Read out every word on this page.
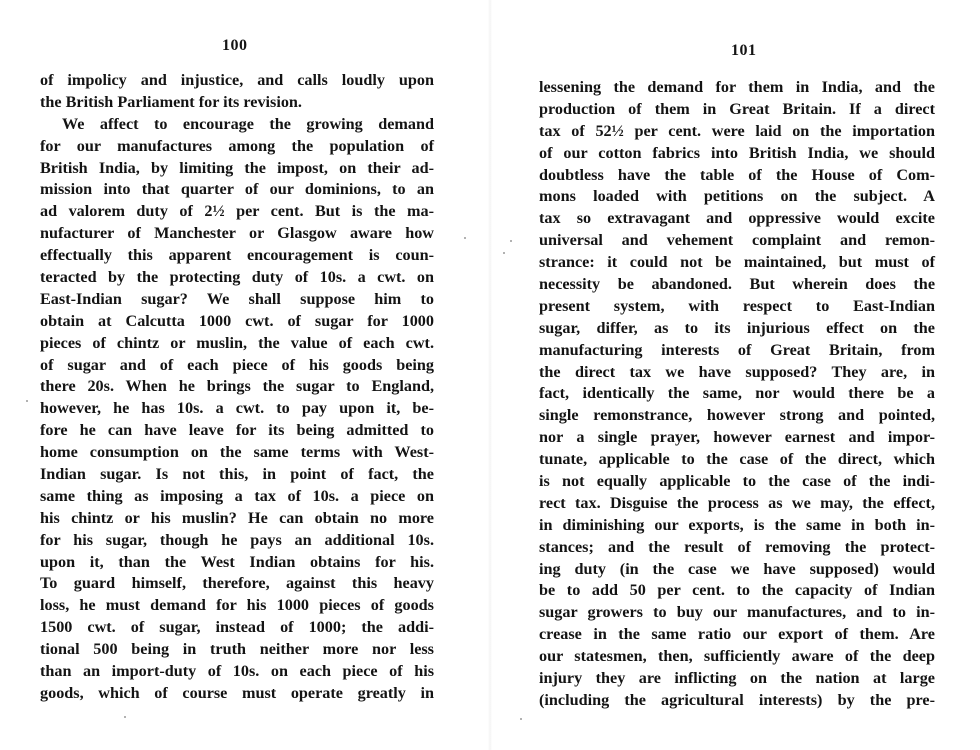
100
of impolicy and injustice, and calls loudly upon
the British Parliament for its revision.
We affect to encourage the growing demand
for our manufactures among the population of
British India, by limiting the impost, on their ad-
mission into that quarter of our dominions, to an
ad valorem duty of 2½ per cent. But is the ma-
nufacturer of Manchester or Glasgow aware how
effectually this apparent encouragement is coun-
teracted by the protecting duty of 10s. a cwt. on
East-Indian sugar? We shall suppose him to
obtain at Calcutta 1000 cwt. of sugar for 1000
pieces of chintz or muslin, the value of each cwt.
of sugar and of each piece of his goods being
there 20s. When he brings the sugar to England,
however, he has 10s. a cwt. to pay upon it, be-
fore he can have leave for its being admitted to
home consumption on the same terms with West-
Indian sugar. Is not this, in point of fact, the
same thing as imposing a tax of 10s. a piece on
his chintz or his muslin? He can obtain no more
for his sugar, though he pays an additional 10s.
upon it, than the West Indian obtains for his.
To guard himself, therefore, against this heavy
loss, he must demand for his 1000 pieces of goods
1500 cwt. of sugar, instead of 1000; the addi-
tional 500 being in truth neither more nor less
than an import-duty of 10s. on each piece of his
goods, which of course must operate greatly in
101
lessening the demand for them in India, and the
production of them in Great Britain. If a direct
tax of 52½ per cent. were laid on the importation
of our cotton fabrics into British India, we should
doubtless have the table of the House of Com-
mons loaded with petitions on the subject. A
tax so extravagant and oppressive would excite
universal and vehement complaint and remon-
strance: it could not be maintained, but must of
necessity be abandoned. But wherein does the
present system, with respect to East-Indian
sugar, differ, as to its injurious effect on the
manufacturing interests of Great Britain, from
the direct tax we have supposed? They are, in
fact, identically the same, nor would there be a
single remonstrance, however strong and pointed,
nor a single prayer, however earnest and impor-
tunate, applicable to the case of the direct, which
is not equally applicable to the case of the indi-
rect tax. Disguise the process as we may, the effect,
in diminishing our exports, is the same in both in-
stances; and the result of removing the protect-
ing duty (in the case we have supposed) would
be to add 50 per cent. to the capacity of Indian
sugar growers to buy our manufactures, and to in-
crease in the same ratio our export of them. Are
our statesmen, then, sufficiently aware of the deep
injury they are inflicting on the nation at large
(including the agricultural interests) by the pre-
